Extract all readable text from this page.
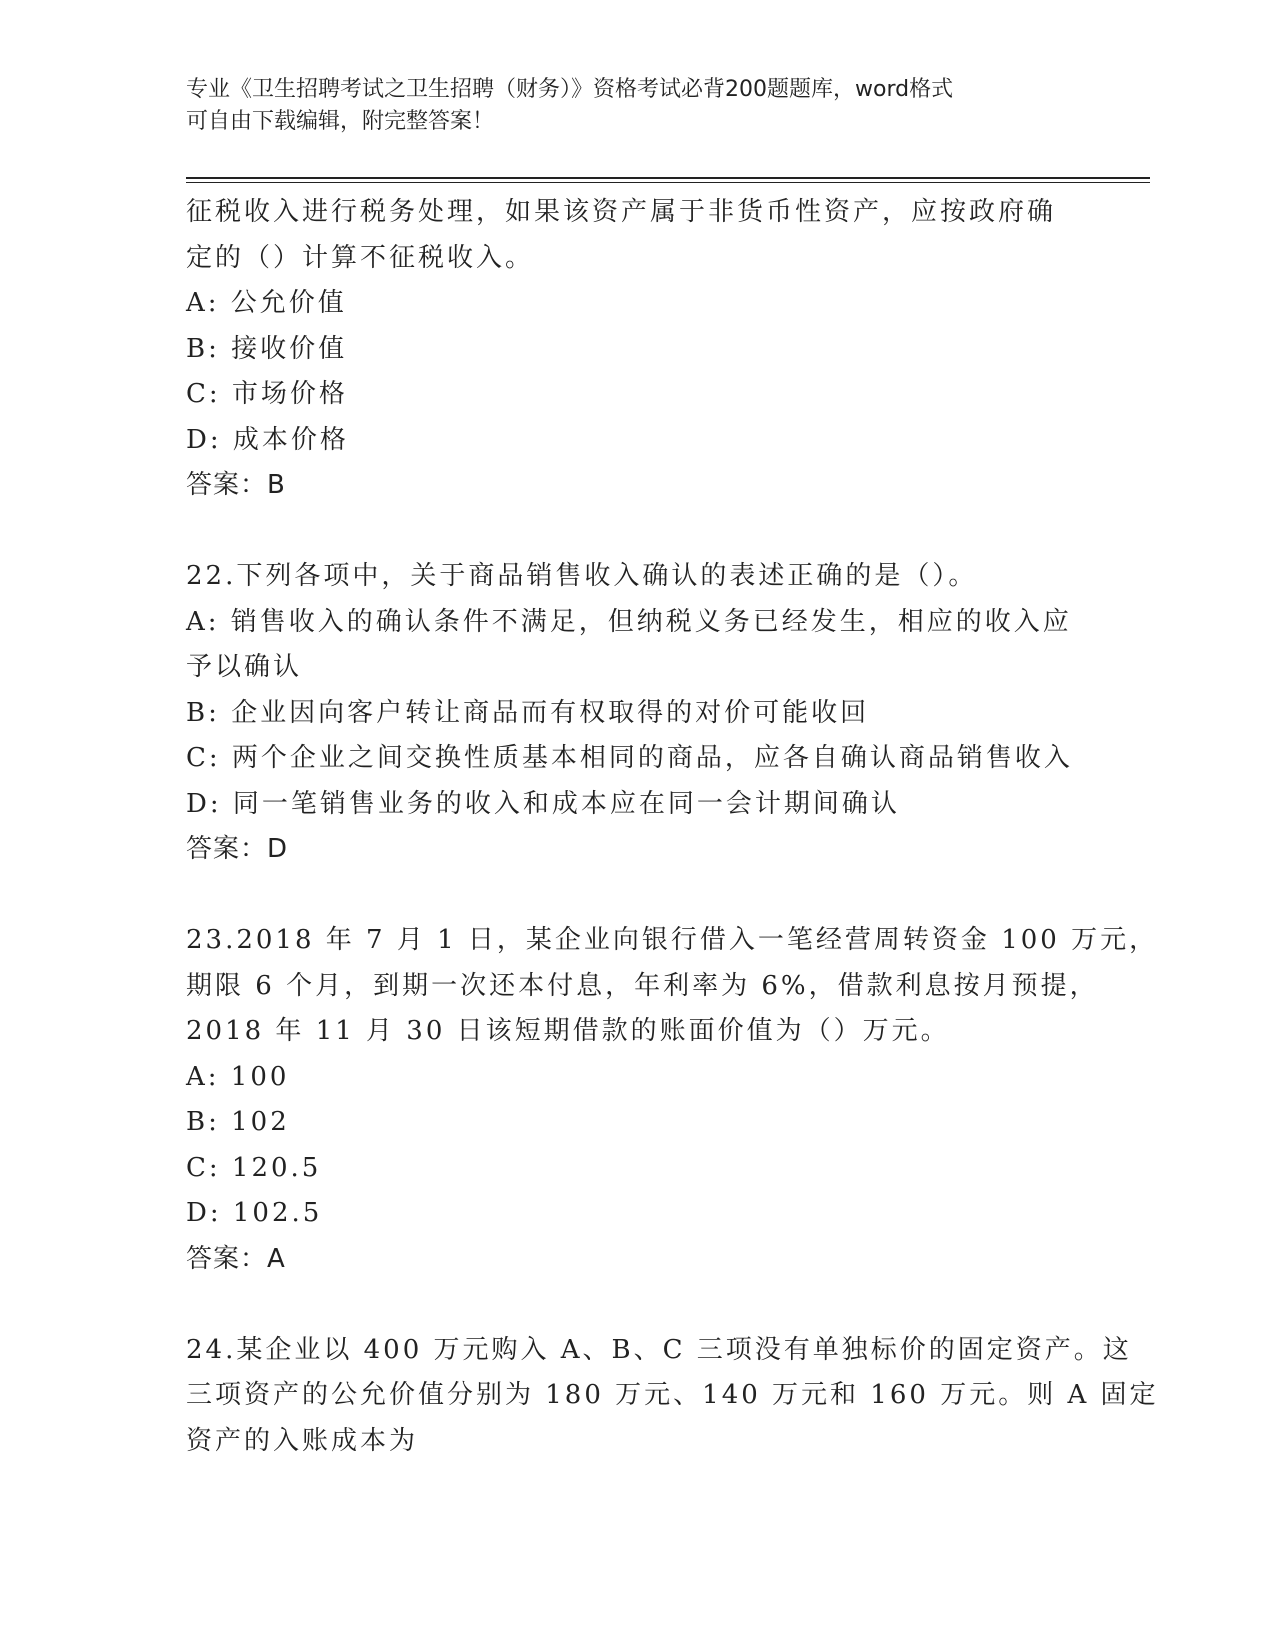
专业《卫生招聘考试之卫生招聘（财务）》资格考试必背200题题库，word格式
可自由下载编辑，附完整答案！
征税收入进行税务处理，如果该资产属于非货币性资产，应按政府确
定的（）计算不征税收入。
A: 公允价值
B: 接收价值
C: 市场价格
D: 成本价格
答案：B
22.下列各项中，关于商品销售收入确认的表述正确的是（）。
A: 销售收入的确认条件不满足，但纳税义务已经发生，相应的收入应
予以确认
B: 企业因向客户转让商品而有权取得的对价可能收回
C: 两个企业之间交换性质基本相同的商品，应各自确认商品销售收入
D: 同一笔销售业务的收入和成本应在同一会计期间确认
答案：D
23.2018 年 7 月 1 日，某企业向银行借入一笔经营周转资金 100 万元，
期限 6 个月，到期一次还本付息，年利率为 6%，借款利息按月预提，
2018 年 11 月 30 日该短期借款的账面价值为（）万元。
A: 100
B: 102
C: 120.5
D: 102.5
答案：A
24.某企业以 400 万元购入 A、B、C 三项没有单独标价的固定资产。这
三项资产的公允价值分别为 180 万元、140 万元和 160 万元。则 A 固定
资产的入账成本为
